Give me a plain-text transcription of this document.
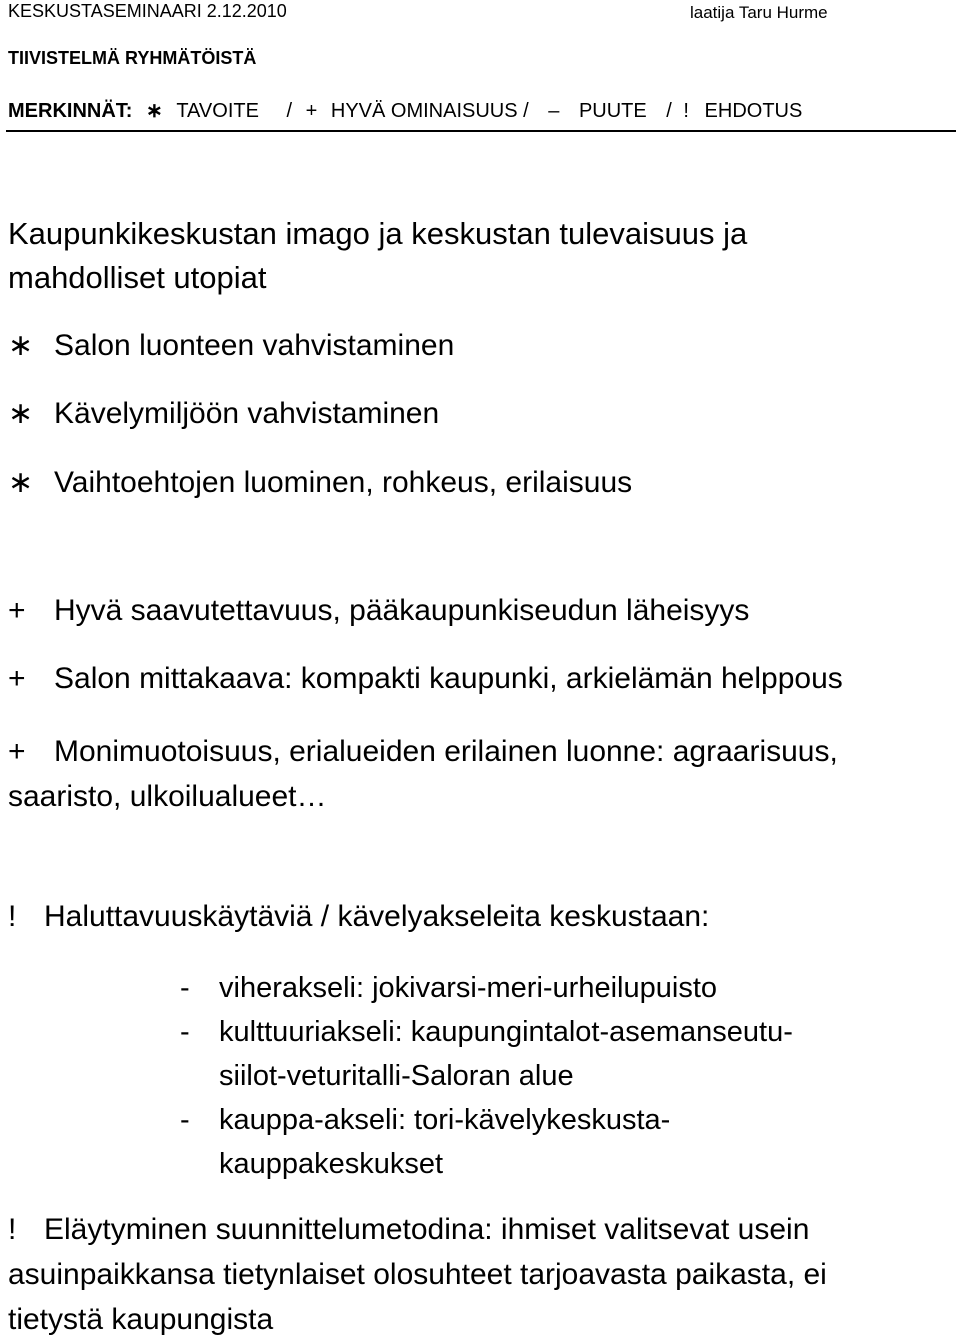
KESKUSTASEMINAARI 2.12.2010	laatija Taru Hurme
TIIVISTELMÄ RYHMÄTÖISTÄ
MERKINNÄT: ∗ TAVOITE / + HYVÄ OMINAISUUS / – PUUTE / ! EHDOTUS
Kaupunkikeskustan imago ja keskustan tulevaisuus ja
mahdolliset utopiat
∗ Salon luonteen vahvistaminen
∗ Kävelymiljöön vahvistaminen
∗ Vaihtoehtojen luominen, rohkeus, erilaisuus
+ Hyvä saavutettavuus, pääkaupunkiseudun läheisyys
+ Salon mittakaava: kompakti kaupunki, arkielämän helppous
+ Monimuotoisuus, erialueiden erilainen luonne: agraarisuus,
saaristo, ulkoilualueet…
! Haluttavuuskäytäviä / kävelyakseleita keskustaan:
- viherakseli: jokivarsi-meri-urheilupuisto
- kulttuuriakseli: kaupungintalot-asemanseutu-
siilot-veturitalli-Saloran alue
- kauppa-akseli: tori-kävelykeskusta-
kauppakeskukset
! Eläytyminen suunnittelumetodina: ihmiset valitsevat usein
asuinpaikkansa tietynlaiset olosuhteet tarjoavasta paikasta, ei
tietystä kaupungista
